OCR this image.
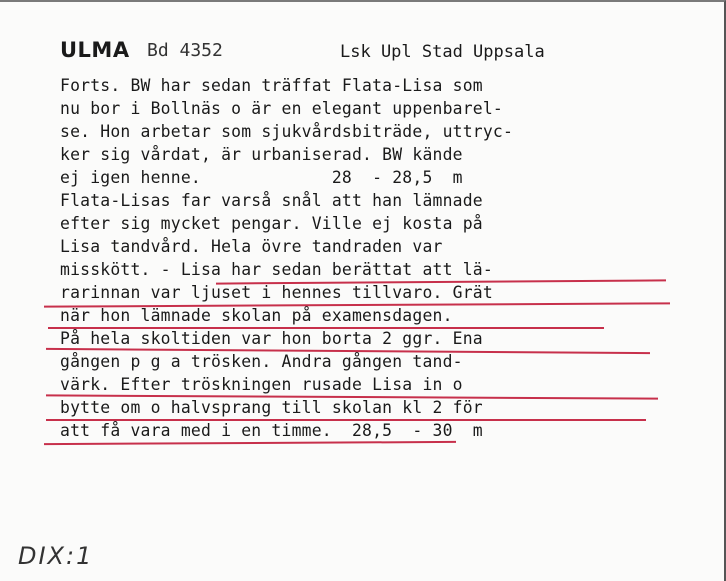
ULMA Bd 4352	Lsk Upl Stad Uppsala
Forts. BW har sedan träffat Flata-Lisa som
nu bor i Bollnäs o är en elegant uppenbarel-
se. Hon arbetar som sjukvårdsbiträde, uttryc-
ker sig vårdat, är urbaniserad. BW kände
ej igen henne.             28  - 28,5  m
Flata-Lisas far varså snål att han lämnade
efter sig mycket pengar. Ville ej kosta på
Lisa tandvård. Hela övre tandraden var
misskött. - Lisa har sedan berättat att lä-
rarinnan var ljuset i hennes tillvaro. Grät
när hon lämnade skolan på examensdagen.
På hela skoltiden var hon borta 2 ggr. Ena
gången p g a trösken. Andra gången tand-
värk. Efter tröskningen rusade Lisa in o
bytte om o halvsprang till skolan kl 2 för
att få vara med i en timme.  28,5  - 30  m
DIX:1
